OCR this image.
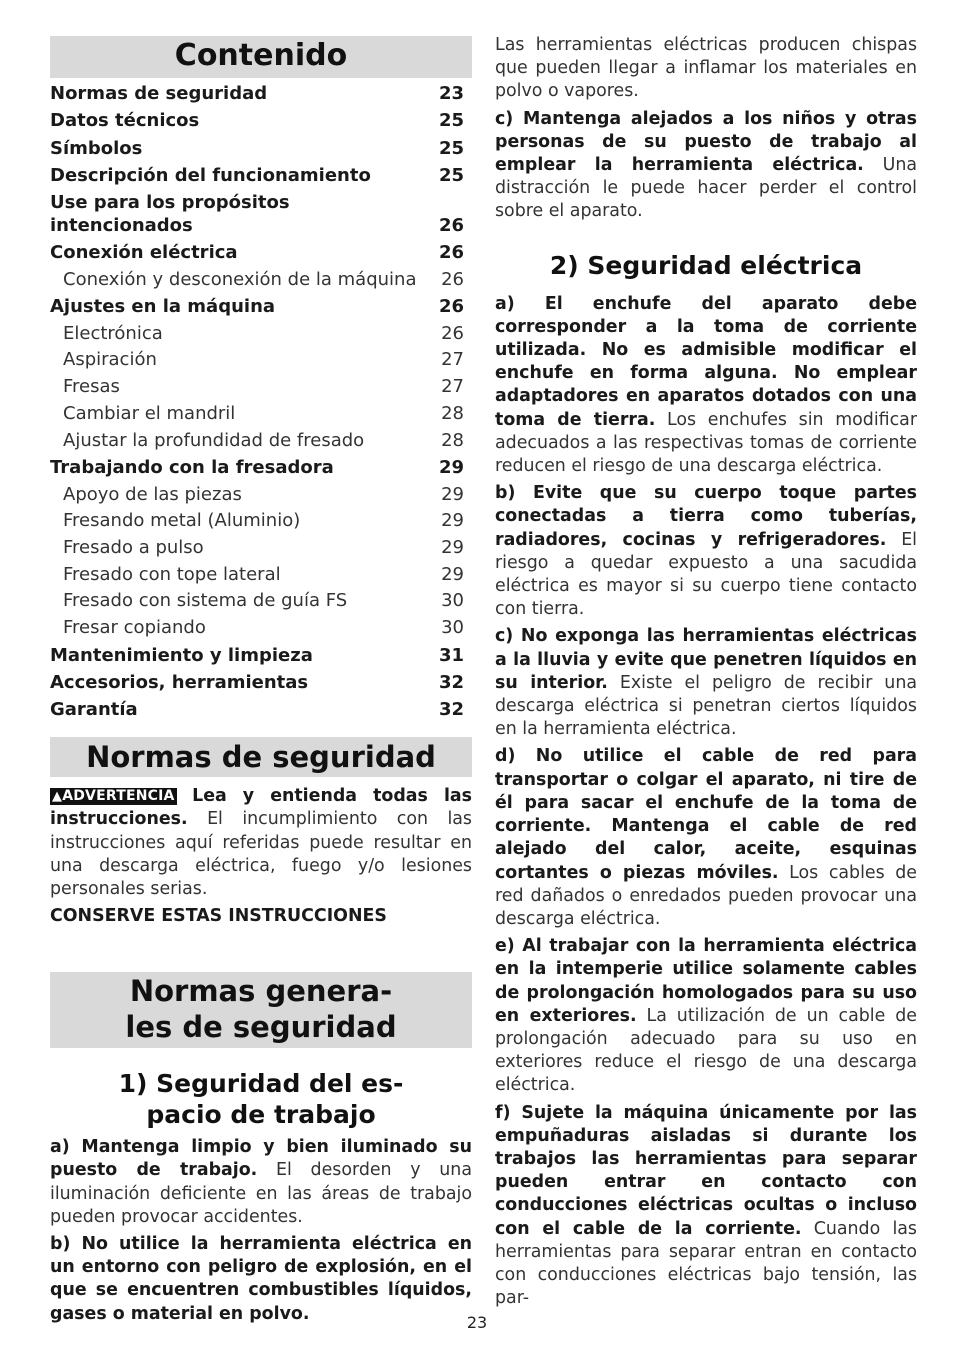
Contenido
Normas de seguridad	23
Datos técnicos	25
Símbolos	25
Descripción del funcionamiento	25
Use para los propósitos intencionados	26
Conexión eléctrica	26
Conexión y desconexión de la máquina 26
Ajustes en la máquina	26
Electrónica	26
Aspiración	27
Fresas	27
Cambiar el mandril	28
Ajustar la profundidad de fresado	28
Trabajando con la fresadora	29
Apoyo de las piezas	29
Fresando metal (Aluminio)	29
Fresado a pulso	29
Fresado con tope lateral	29
Fresado con sistema de guía FS	30
Fresar copiando	30
Mantenimiento y limpieza	31
Accesorios, herramientas	32
Garantía	32
Normas de seguridad

▲ADVERTENCIA Lea y entienda todas las instrucciones. El incumplimiento con las instrucciones aquí referidas puede resultar en una descarga eléctrica, fuego y/o lesiones personales serias.

CONSERVE ESTAS INSTRUCCIONES
Normas genera-
les de seguridad
1) Seguridad del es-
pacio de trabajo

a) Mantenga limpio y bien iluminado su puesto de trabajo. El desorden y una iluminación deficiente en las áreas de trabajo pueden provocar accidentes.

b) No utilice la herramienta eléctrica en un entorno con peligro de explosión, en el que se encuentren combustibles líquidos, gases o material en polvo.

Las herramientas eléctricas producen chispas que pueden llegar a inflamar los materiales en polvo o vapores.

c) Mantenga alejados a los niños y otras personas de su puesto de trabajo al emplear la herramienta eléctrica. Una distracción le puede hacer perder el control sobre el aparato.

2) Seguridad eléctrica

a) El enchufe del aparato debe corresponder a la toma de corriente utilizada. No es admisible modificar el enchufe en forma alguna. No emplear adaptadores en aparatos dotados con una toma de tierra. Los enchufes sin modificar adecuados a las respectivas tomas de corriente reducen el riesgo de una descarga eléctrica.

b) Evite que su cuerpo toque partes conectadas a tierra como tuberías, radiadores, cocinas y refrigeradores. El riesgo a quedar expuesto a una sacudida eléctrica es mayor si su cuerpo tiene contacto con tierra.

c) No exponga las herramientas eléctricas a la lluvia y evite que penetren líquidos en su interior. Existe el peligro de recibir una descarga eléctrica si penetran ciertos líquidos en la herramienta eléctrica.

d) No utilice el cable de red para transportar o colgar el aparato, ni tire de él para sacar el enchufe de la toma de corriente. Mantenga el cable de red alejado del calor, aceite, esquinas cortantes o piezas móviles. Los cables de red dañados o enredados pueden provocar una descarga eléctrica.

e) Al trabajar con la herramienta eléctrica en la intemperie utilice solamente cables de prolongación homologados para su uso en exteriores. La utilización de un cable de prolongación adecuado para su uso en exteriores reduce el riesgo de una descarga eléctrica.

f) Sujete la máquina únicamente por las empuñaduras aisladas si durante los trabajos las herramientas para separar pueden entrar en contacto con conducciones eléctricas ocultas o incluso con el cable de la corriente. Cuando las herramientas para separar entran en contacto con conducciones eléctricas bajo tensión, las par-

23
